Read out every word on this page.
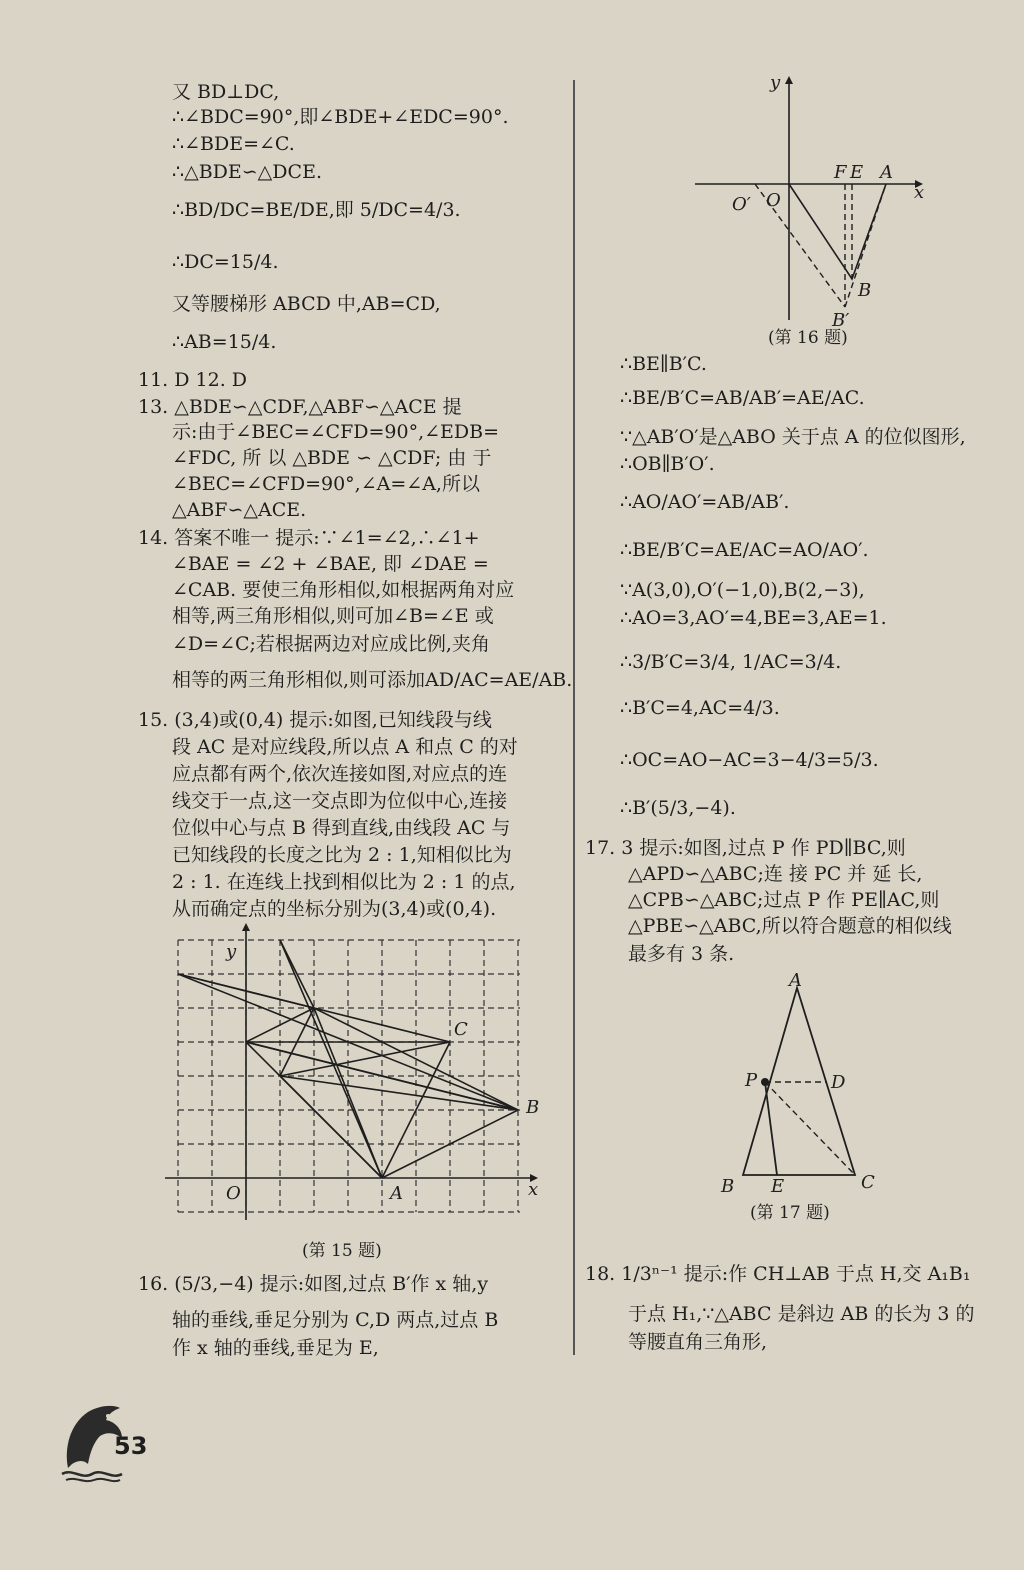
又 BD⊥DC,
∴∠BDC=90°,即∠BDE+∠EDC=90°.
∴∠BDE=∠C.
∴△BDE∽△DCE.
∴BD/DC=BE/DE,即 5/DC=4/3.
∴DC=15/4.
又等腰梯形 ABCD 中,AB=CD,
∴AB=15/4.
11. D 12. D
13. △BDE∽△CDF,△ABF∽△ACE 提
示:由于∠BEC=∠CFD=90°,∠EDB=
∠FDC, 所 以 △BDE ∽ △CDF; 由 于
∠BEC=∠CFD=90°,∠A=∠A,所以
△ABF∽△ACE.
14. 答案不唯一 提示:∵∠1=∠2,∴∠1+
∠BAE = ∠2 + ∠BAE, 即 ∠DAE =
∠CAB. 要使三角形相似,如根据两角对应
相等,两三角形相似,则可加∠B=∠E 或
∠D=∠C;若根据两边对应成比例,夹角
相等的两三角形相似,则可添加AD/AC=AE/AB.
15. (3,4)或(0,4) 提示:如图,已知线段与线
段 AC 是对应线段,所以点 A 和点 C 的对
应点都有两个,依次连接如图,对应点的连
线交于一点,这一交点即为位似中心,连接
位似中心与点 B 得到直线,由线段 AC 与
已知线段的长度之比为 2 : 1,知相似比为
2 : 1. 在连线上找到相似比为 2 : 1 的点,
从而确定点的坐标分别为(3,4)或(0,4).
16. (5/3,−4) 提示:如图,过点 B′作 x 轴,y
轴的垂线,垂足分别为 C,D 两点,过点 B
作 x 轴的垂线,垂足为 E,
y
x
O	A
B
C
(第 15 题)
y
x
O′ O
F E A
B
B′
(第 16 题)
∴BE∥B′C.
∴BE/B′C=AB/AB′=AE/AC.
∵△AB′O′是△ABO 关于点 A 的位似图形,
∴OB∥B′O′.
∴AO/AO′=AB/AB′.
∴BE/B′C=AE/AC=AO/AO′.
∵A(3,0),O′(−1,0),B(2,−3),
∴AO=3,AO′=4,BE=3,AE=1.
∴3/B′C=3/4, 1/AC=3/4.
∴B′C=4,AC=4/3.
∴OC=AO−AC=3−4/3=5/3.
∴B′(5/3,−4).
17. 3 提示:如图,过点 P 作 PD∥BC,则
△APD∽△ABC;连 接 PC 并 延 长,
△CPB∽△ABC;过点 P 作 PE∥AC,则
△PBE∽△ABC,所以符合题意的相似线
最多有 3 条.
A
P	D
B E	C
(第 17 题)
18. 1/3ⁿ⁻¹ 提示:作 CH⊥AB 于点 H,交 A₁B₁
于点 H₁,∵△ABC 是斜边 AB 的长为 3 的
等腰直角三角形,
53
